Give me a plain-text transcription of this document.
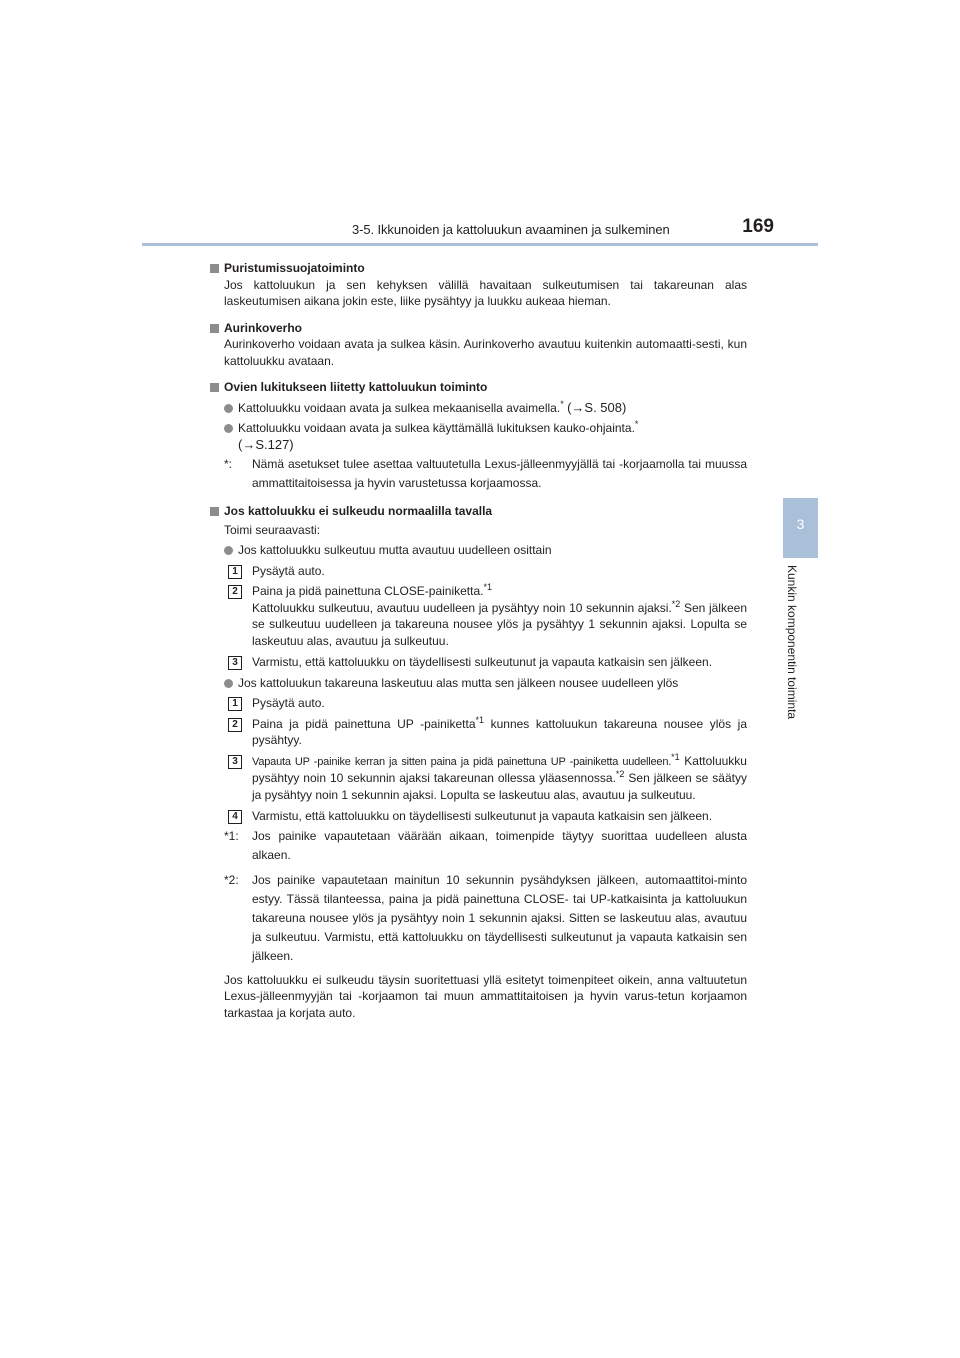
3-5. Ikkunoiden ja kattoluukun avaaminen ja sulkeminen	169
3
Kunkin komponentin toiminta
Puristumissuojatoiminto
Jos kattoluukun ja sen kehyksen välillä havaitaan sulkeutumisen tai takareunan alas laskeutumisen aikana jokin este, liike pysähtyy ja luukku aukeaa hieman.
Aurinkoverho
Aurinkoverho voidaan avata ja sulkea käsin. Aurinkoverho avautuu kuitenkin automaatti-sesti, kun kattoluukku avataan.
Ovien lukitukseen liitetty kattoluukun toiminto
Kattoluukku voidaan avata ja sulkea mekaanisella avaimella.* (→S. 508)
Kattoluukku voidaan avata ja sulkea käyttämällä lukituksen kauko-ohjainta.*
(→S.127)
*: Nämä asetukset tulee asettaa valtuutetulla Lexus-jälleenmyyjällä tai -korjaamolla tai muussa ammattitaitoisessa ja hyvin varustetussa korjaamossa.
Jos kattoluukku ei sulkeudu normaalilla tavalla
Toimi seuraavasti:
Jos kattoluukku sulkeutuu mutta avautuu uudelleen osittain
1	Pysäytä auto.
2	Paina ja pidä painettuna CLOSE-painiketta.$^{*1}$
Kattoluukku sulkeutuu, avautuu uudelleen ja pysähtyy noin 10 sekunnin ajaksi.$^{*2}$ Sen jälkeen se sulkeutuu uudelleen ja takareuna nousee ylös ja pysähtyy 1 sekunnin ajaksi. Lopulta se laskeutuu alas, avautuu ja sulkeutuu.
3	Varmistu, että kattoluukku on täydellisesti sulkeutunut ja vapauta katkaisin sen jälkeen.
Jos kattoluukun takareuna laskeutuu alas mutta sen jälkeen nousee uudelleen ylös
1	Pysäytä auto.
2	Paina ja pidä painettuna UP -painiketta$^{*1}$ kunnes kattoluukun takareuna nousee ylös ja pysähtyy.
3	Vapauta UP -painike kerran ja sitten paina ja pidä painettuna UP -painiketta uudelleen.$^{*1}$ Kattoluukku pysähtyy noin 10 sekunnin ajaksi takareunan ollessa yläasennossa.$^{*2}$ Sen jälkeen se säätyy ja pysähtyy noin 1 sekunnin ajaksi. Lopulta se laskeutuu alas, avautuu ja sulkeutuu.
4	Varmistu, että kattoluukku on täydellisesti sulkeutunut ja vapauta katkaisin sen jälkeen.
*1: Jos painike vapautetaan väärään aikaan, toimenpide täytyy suorittaa uudelleen alusta alkaen.
*2: Jos painike vapautetaan mainitun 10 sekunnin pysähdyksen jälkeen, automaattitoi-minto estyy. Tässä tilanteessa, paina ja pidä painettuna CLOSE- tai UP-katkaisinta ja kattoluukun takareuna nousee ylös ja pysähtyy noin 1 sekunnin ajaksi. Sitten se laskeutuu alas, avautuu ja sulkeutuu. Varmistu, että kattoluukku on täydellisesti sulkeutunut ja vapauta katkaisin sen jälkeen.
Jos kattoluukku ei sulkeudu täysin suoritettuasi yllä esitetyt toimenpiteet oikein, anna valtuutetun Lexus-jälleenmyyjän tai -korjaamon tai muun ammattitaitoisen ja hyvin varus-tetun korjaamon tarkastaa ja korjata auto.
